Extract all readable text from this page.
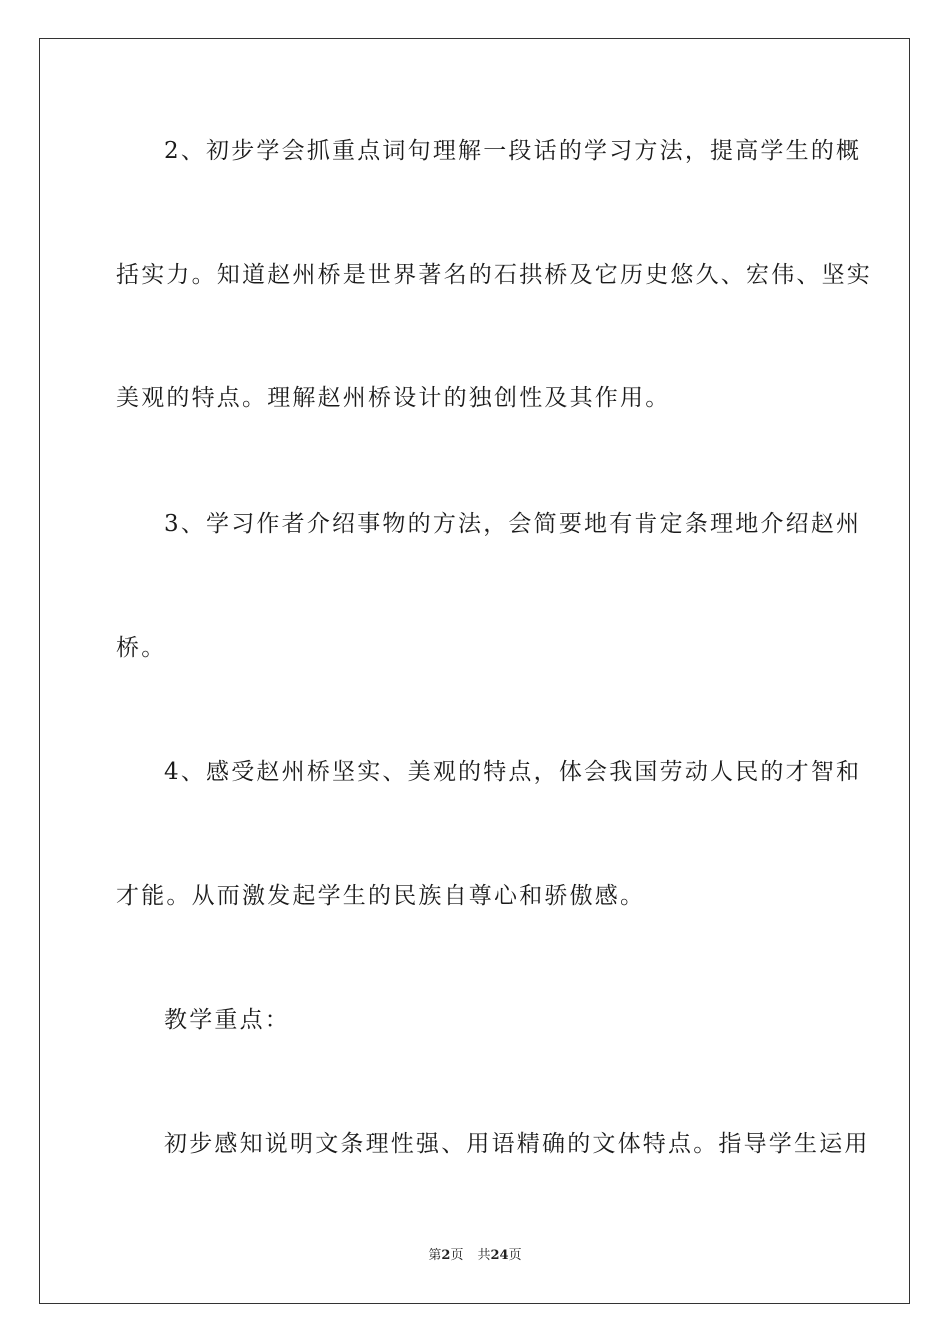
2、初步学会抓重点词句理解一段话的学习方法，提高学生的概
括实力。知道赵州桥是世界著名的石拱桥及它历史悠久、宏伟、坚实
美观的特点。理解赵州桥设计的独创性及其作用。
3、学习作者介绍事物的方法，会简要地有肯定条理地介绍赵州
桥。
4、感受赵州桥坚实、美观的特点，体会我国劳动人民的才智和
才能。从而激发起学生的民族自尊心和骄傲感。
教学重点：
初步感知说明文条理性强、用语精确的文体特点。指导学生运用
第2页 共24页
